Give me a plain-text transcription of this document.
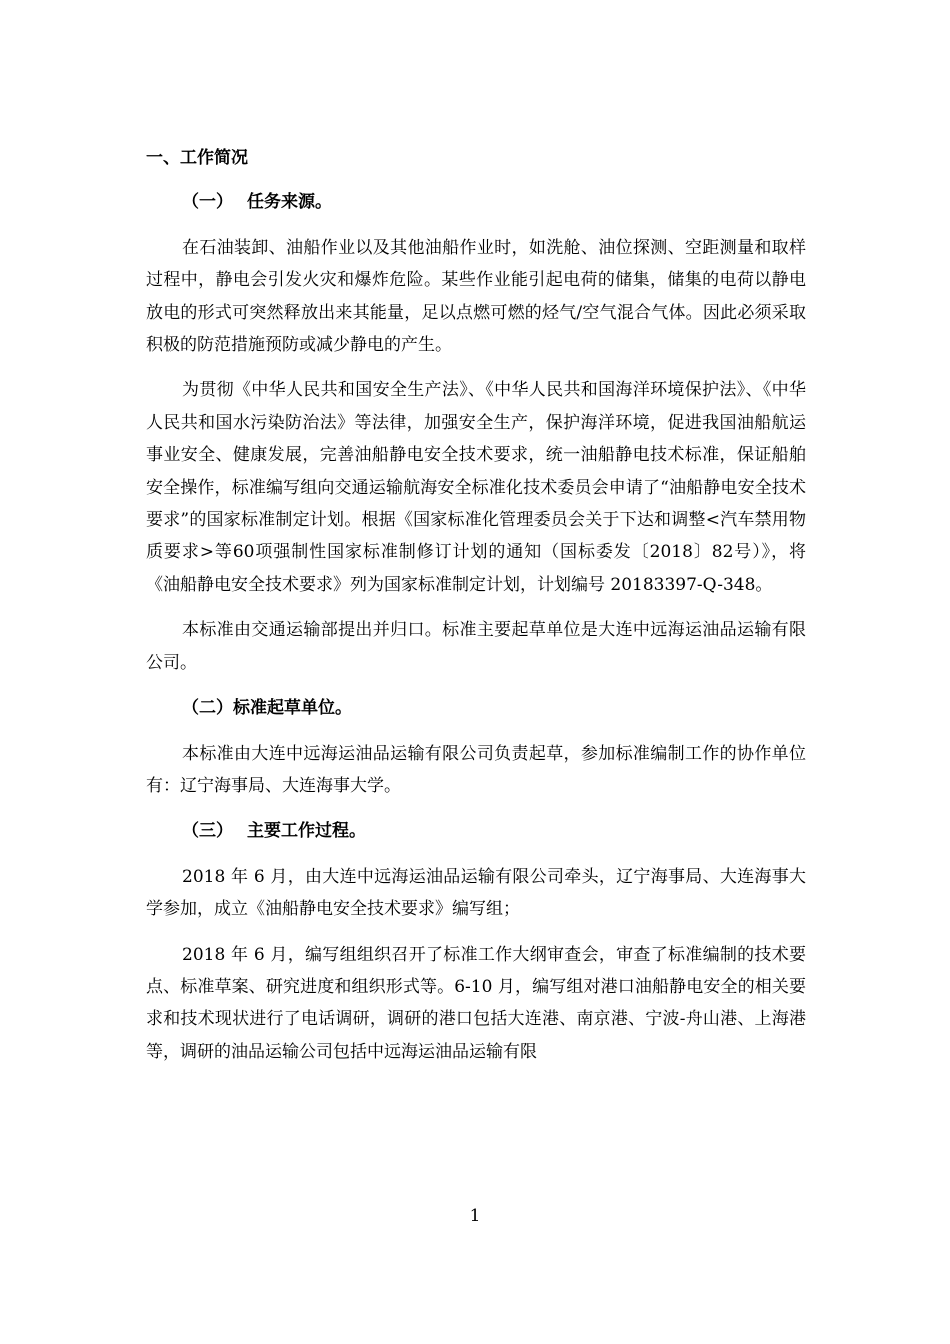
一、工作简况
（一） 任务来源。
在石油装卸、油船作业以及其他油船作业时，如洗舱、油位探测、空距测量和取样过程中，静电会引发火灾和爆炸危险。某些作业能引起电荷的储集，储集的电荷以静电放电的形式可突然释放出来其能量，足以点燃可燃的烃气/空气混合气体。因此必须采取积极的防范措施预防或减少静电的产生。
为贯彻《中华人民共和国安全生产法》、《中华人民共和国海洋环境保护法》、《中华人民共和国水污染防治法》等法律，加强安全生产，保护海洋环境，促进我国油船航运事业安全、健康发展，完善油船静电安全技术要求，统一油船静电技术标准，保证船舶安全操作，标准编写组向交通运输航海安全标准化技术委员会申请了“油船静电安全技术要求”的国家标准制定计划。根据《国家标准化管理委员会关于下达和调整<汽车禁用物质要求>等60项强制性国家标准制修订计划的通知（国标委发〔2018〕82号）》，将《油船静电安全技术要求》列为国家标准制定计划，计划编号 20183397-Q-348。
本标准由交通运输部提出并归口。标准主要起草单位是大连中远海运油品运输有限公司。
（二）标准起草单位。
本标准由大连中远海运油品运输有限公司负责起草，参加标准编制工作的协作单位有：辽宁海事局、大连海事大学。
（三） 主要工作过程。
2018 年 6 月，由大连中远海运油品运输有限公司牵头，辽宁海事局、大连海事大学参加，成立《油船静电安全技术要求》编写组；
2018 年 6 月，编写组组织召开了标准工作大纲审查会，审查了标准编制的技术要点、标准草案、研究进度和组织形式等。6-10 月，编写组对港口油船静电安全的相关要求和技术现状进行了电话调研，调研的港口包括大连港、南京港、宁波-舟山港、上海港等，调研的油品运输公司包括中远海运油品运输有限
1
